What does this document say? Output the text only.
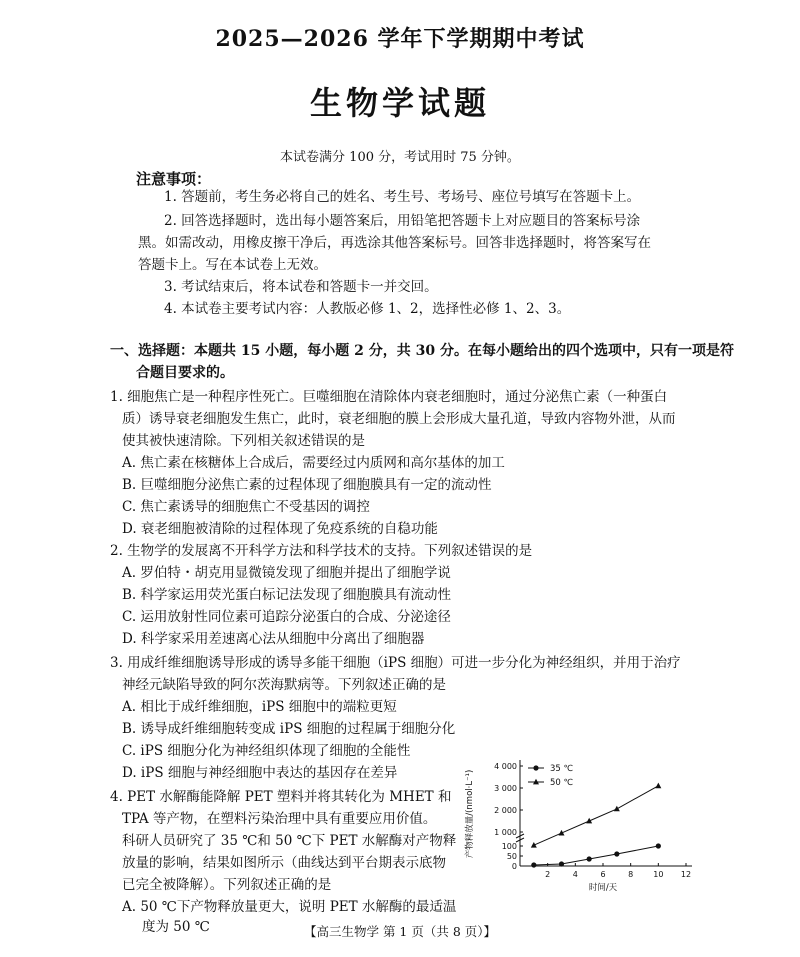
2025—2026 学年下学期期中考试
生物学试题
本试卷满分 100 分，考试用时 75 分钟。
注意事项：
1. 答题前，考生务必将自己的姓名、考生号、考场号、座位号填写在答题卡上。
2. 回答选择题时，选出每小题答案后，用铅笔把答题卡上对应题目的答案标号涂
黑。如需改动，用橡皮擦干净后，再选涂其他答案标号。回答非选择题时，将答案写在
答题卡上。写在本试卷上无效。
3. 考试结束后，将本试卷和答题卡一并交回。
4. 本试卷主要考试内容：人教版必修 1、2，选择性必修 1、2、3。
一、选择题：本题共 15 小题，每小题 2 分，共 30 分。在每小题给出的四个选项中，只有一项是符
合题目要求的。
1. 细胞焦亡是一种程序性死亡。巨噬细胞在清除体内衰老细胞时，通过分泌焦亡素（一种蛋白
质）诱导衰老细胞发生焦亡，此时，衰老细胞的膜上会形成大量孔道，导致内容物外泄，从而
使其被快速清除。下列相关叙述错误的是
A. 焦亡素在核糖体上合成后，需要经过内质网和高尔基体的加工
B. 巨噬细胞分泌焦亡素的过程体现了细胞膜具有一定的流动性
C. 焦亡素诱导的细胞焦亡不受基因的调控
D. 衰老细胞被清除的过程体现了免疫系统的自稳功能
2. 生物学的发展离不开科学方法和科学技术的支持。下列叙述错误的是
A. 罗伯特・胡克用显微镜发现了细胞并提出了细胞学说
B. 科学家运用荧光蛋白标记法发现了细胞膜具有流动性
C. 运用放射性同位素可追踪分泌蛋白的合成、分泌途径
D. 科学家采用差速离心法从细胞中分离出了细胞器
3. 用成纤维细胞诱导形成的诱导多能干细胞（iPS 细胞）可进一步分化为神经组织，并用于治疗
神经元缺陷导致的阿尔茨海默病等。下列叙述正确的是
A. 相比于成纤维细胞，iPS 细胞中的端粒更短
B. 诱导成纤维细胞转变成 iPS 细胞的过程属于细胞分化
C. iPS 细胞分化为神经组织体现了细胞的全能性
D. iPS 细胞与神经细胞中表达的基因存在差异
4. PET 水解酶能降解 PET 塑料并将其转化为 MHET 和
TPA 等产物，在塑料污染治理中具有重要应用价值。
科研人员研究了 35 ℃和 50 ℃下 PET 水解酶对产物释
放量的影响，结果如图所示（曲线达到平台期表示底物
已完全被降解）。下列叙述正确的是
A. 50 ℃下产物释放量更大，说明 PET 水解酶的最适温
度为 50 ℃
1 000
2 000
3 000
4 000
0
50
100
2	4	6	8	10 12
时间/天
产物释放量/(nmol·L⁻¹)
35 ℃
50 ℃
【高三生物学 第 1 页（共 8 页）】
